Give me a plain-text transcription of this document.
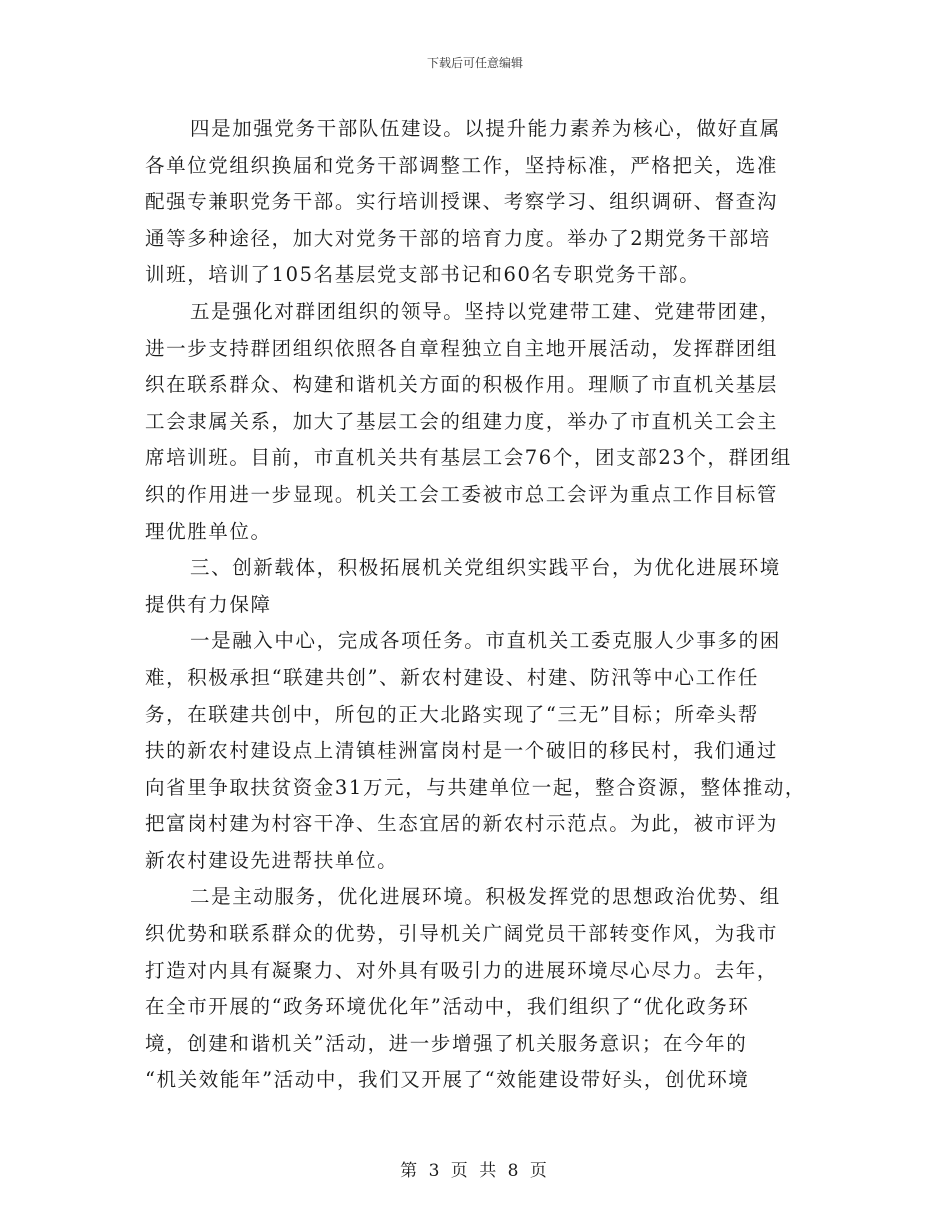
下载后可任意编辑
四是加强党务干部队伍建设。以提升能力素养为核心，做好直属
各单位党组织换届和党务干部调整工作，坚持标准，严格把关，选准
配强专兼职党务干部。实行培训授课、考察学习、组织调研、督查沟
通等多种途径，加大对党务干部的培育力度。举办了2期党务干部培
训班，培训了105名基层党支部书记和60名专职党务干部。
五是强化对群团组织的领导。坚持以党建带工建、党建带团建，
进一步支持群团组织依照各自章程独立自主地开展活动，发挥群团组
织在联系群众、构建和谐机关方面的积极作用。理顺了市直机关基层
工会隶属关系，加大了基层工会的组建力度，举办了市直机关工会主
席培训班。目前，市直机关共有基层工会76个，团支部23个，群团组
织的作用进一步显现。机关工会工委被市总工会评为重点工作目标管
理优胜单位。
三、创新载体，积极拓展机关党组织实践平台，为优化进展环境
提供有力保障
一是融入中心，完成各项任务。市直机关工委克服人少事多的困
难，积极承担“联建共创”、新农村建设、村建、防汛等中心工作任
务，在联建共创中，所包的正大北路实现了“三无”目标；所牵头帮
扶的新农村建设点上清镇桂洲富岗村是一个破旧的移民村，我们通过
向省里争取扶贫资金31万元，与共建单位一起，整合资源，整体推动，
把富岗村建为村容干净、生态宜居的新农村示范点。为此，被市评为
新农村建设先进帮扶单位。
二是主动服务，优化进展环境。积极发挥党的思想政治优势、组
织优势和联系群众的优势，引导机关广阔党员干部转变作风，为我市
打造对内具有凝聚力、对外具有吸引力的进展环境尽心尽力。去年，
在全市开展的“政务环境优化年”活动中，我们组织了“优化政务环
境，创建和谐机关”活动，进一步增强了机关服务意识；在今年的
“机关效能年”活动中，我们又开展了“效能建设带好头，创优环境
第 3 页 共 8 页
